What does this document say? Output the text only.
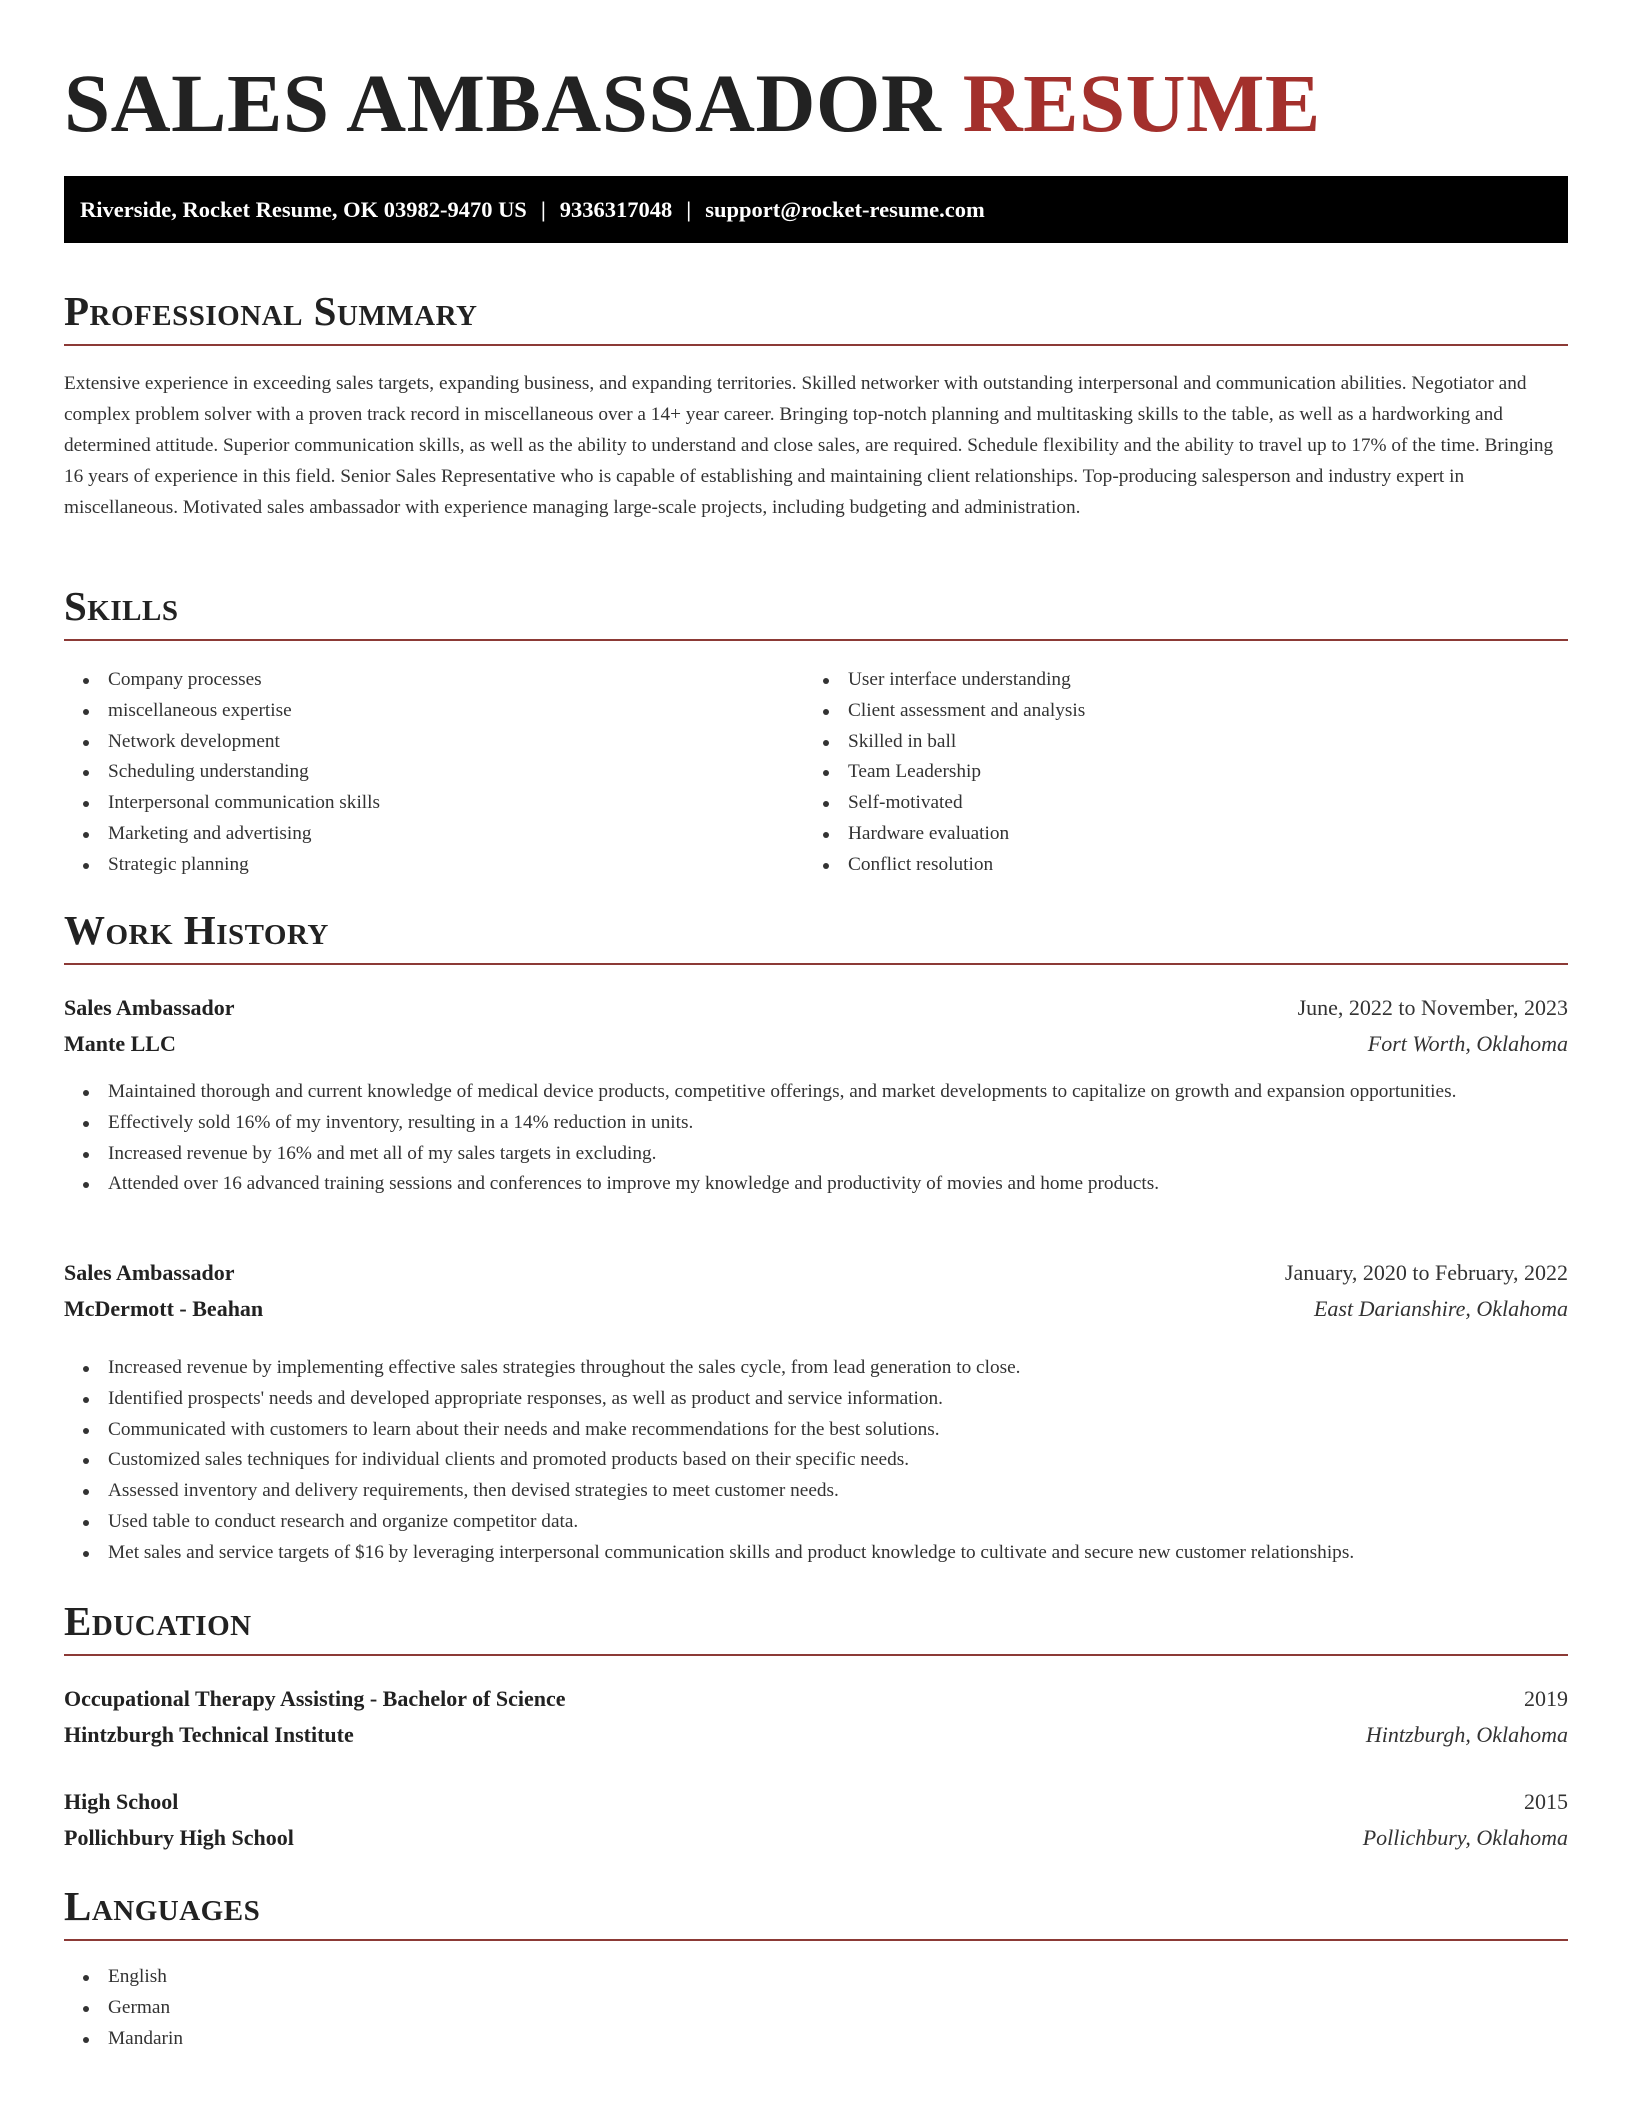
SALES AMBASSADOR RESUME
Riverside, Rocket Resume, OK 03982-9470 US | 9336317048 | support@rocket-resume.com
Professional Summary

Extensive experience in exceeding sales targets, expanding business, and expanding territories. Skilled networker with outstanding interpersonal and communication abilities. Negotiator and complex problem solver with a proven track record in miscellaneous over a 14+ year career. Bringing top-notch planning and multitasking skills to the table, as well as a hardworking and determined attitude. Superior communication skills, as well as the ability to understand and close sales, are required. Schedule flexibility and the ability to travel up to 17% of the time. Bringing 16 years of experience in this field. Senior Sales Representative who is capable of establishing and maintaining client relationships. Top-producing salesperson and industry expert in miscellaneous. Motivated sales ambassador with experience managing large-scale projects, including budgeting and administration.

Skills
Company processes
miscellaneous expertise
Network development
Scheduling understanding
Interpersonal communication skills
Marketing and advertising
Strategic planning
User interface understanding
Client assessment and analysis
Skilled in ball
Team Leadership
Self-motivated
Hardware evaluation
Conflict resolution
Work History
Sales Ambassador	June, 2022 to November, 2023
Mante LLC	Fort Worth, Oklahoma
Maintained thorough and current knowledge of medical device products, competitive offerings, and market developments to capitalize on growth and expansion opportunities.
Effectively sold 16% of my inventory, resulting in a 14% reduction in units.
Increased revenue by 16% and met all of my sales targets in excluding.
Attended over 16 advanced training sessions and conferences to improve my knowledge and productivity of movies and home products.
Sales Ambassador	January, 2020 to February, 2022
McDermott - Beahan	East Darianshire, Oklahoma
Increased revenue by implementing effective sales strategies throughout the sales cycle, from lead generation to close.
Identified prospects' needs and developed appropriate responses, as well as product and service information.
Communicated with customers to learn about their needs and make recommendations for the best solutions.
Customized sales techniques for individual clients and promoted products based on their specific needs.
Assessed inventory and delivery requirements, then devised strategies to meet customer needs.
Used table to conduct research and organize competitor data.
Met sales and service targets of $16 by leveraging interpersonal communication skills and product knowledge to cultivate and secure new customer relationships.
Education
Occupational Therapy Assisting - Bachelor of Science	2019
Hintzburgh Technical Institute	Hintzburgh, Oklahoma
High School	2015
Pollichbury High School	Pollichbury, Oklahoma
Languages
English
German
Mandarin
